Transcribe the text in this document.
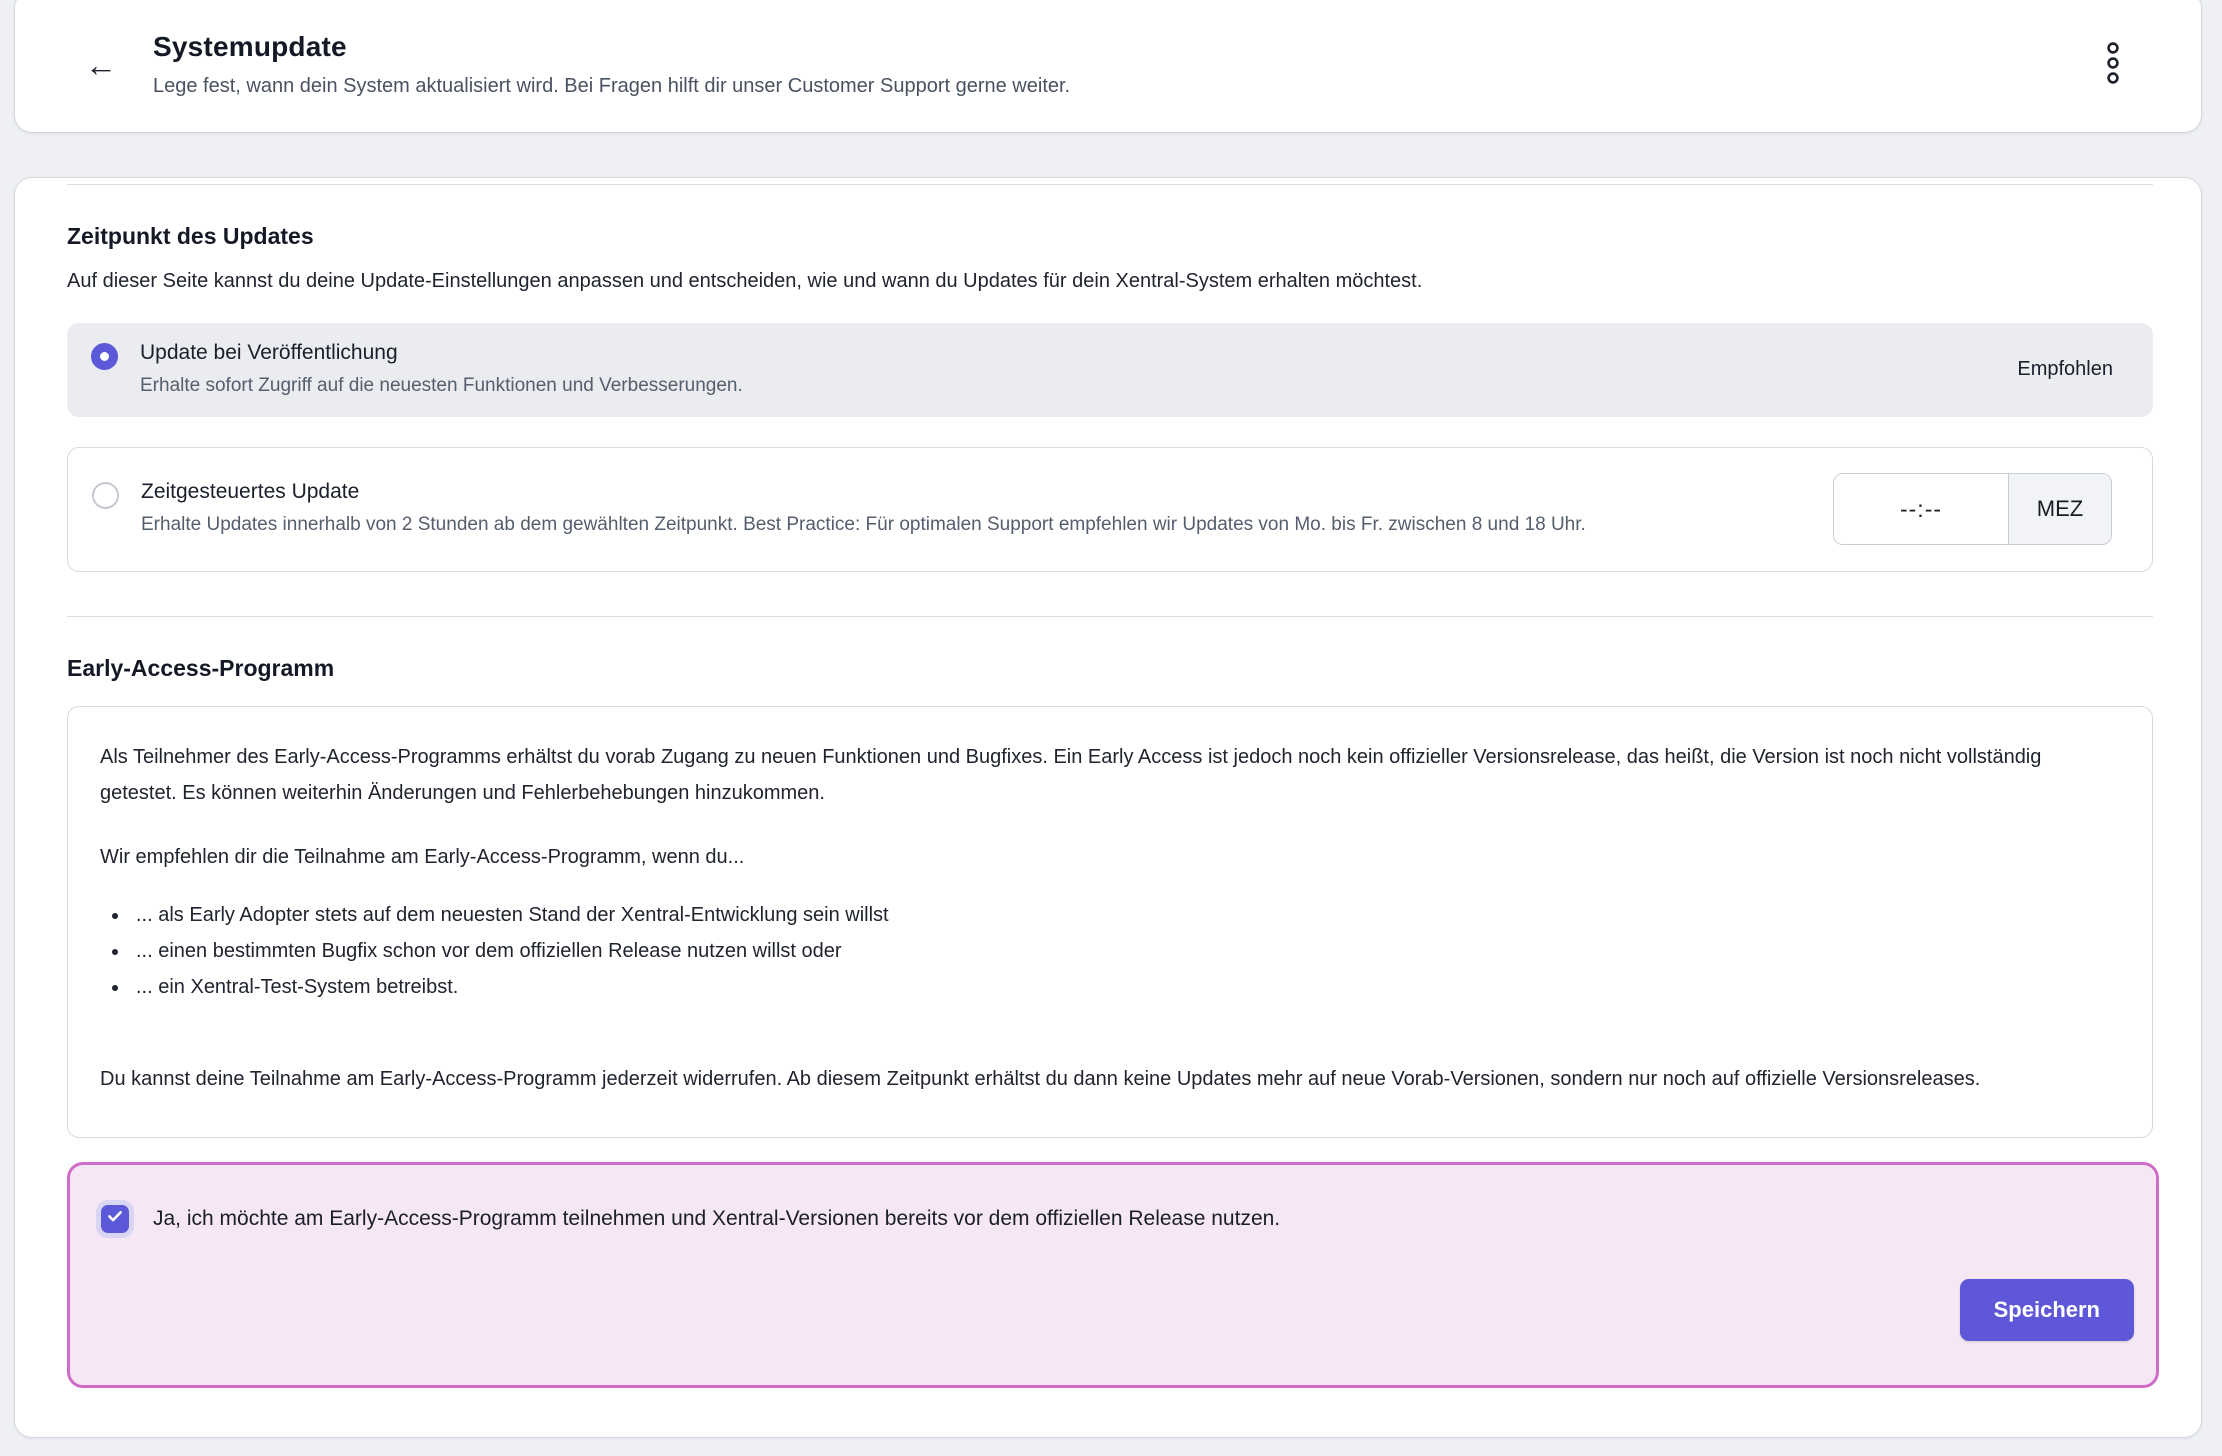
← Systemupdate
Lege fest, wann dein System aktualisiert wird. Bei Fragen hilft dir unser Customer Support gerne weiter.
Zeitpunkt des Updates

Auf dieser Seite kannst du deine Update-Einstellungen anpassen und entscheiden, wie und wann du Updates für dein Xentral-System erhalten möchtest.

Update bei Veröffentlichung
Erhalte sofort Zugriff auf die neuesten Funktionen und Verbesserungen.
Empfohlen
Zeitgesteuertes Update
Erhalte Updates innerhalb von 2 Stunden ab dem gewählten Zeitpunkt. Best Practice: Für optimalen Support empfehlen wir Updates von Mo. bis Fr. zwischen 8 und 18 Uhr.
--:--
MEZ
Early-Access-Programm

Als Teilnehmer des Early-Access-Programms erhältst du vorab Zugang zu neuen Funktionen und Bugfixes. Ein Early Access ist jedoch noch kein offizieller Versionsrelease, das heißt, die Version ist noch nicht vollständig getestet. Es können weiterhin Änderungen und Fehlerbehebungen hinzukommen.

Wir empfehlen dir die Teilnahme am Early-Access-Programm, wenn du...

• ... als Early Adopter stets auf dem neuesten Stand der Xentral-Entwicklung sein willst
• ... einen bestimmten Bugfix schon vor dem offiziellen Release nutzen willst oder
• ... ein Xentral-Test-System betreibst.

Du kannst deine Teilnahme am Early-Access-Programm jederzeit widerrufen. Ab diesem Zeitpunkt erhältst du dann keine Updates mehr auf neue Vorab-Versionen, sondern nur noch auf offizielle Versionsreleases.

Ja, ich möchte am Early-Access-Programm teilnehmen und Xentral-Versionen bereits vor dem offiziellen Release nutzen.
Speichern
